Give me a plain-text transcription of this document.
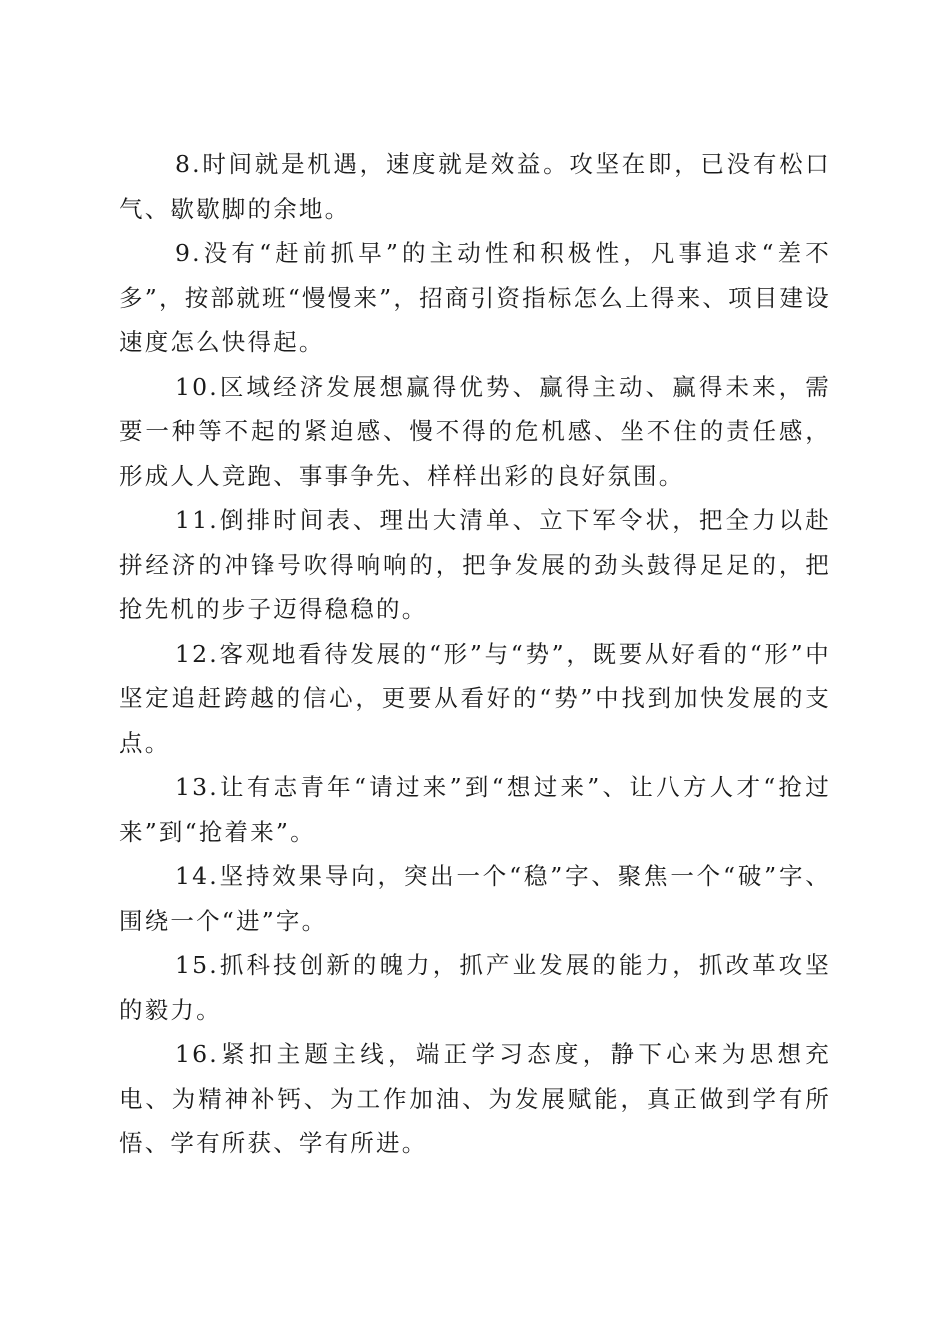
8.时间就是机遇，速度就是效益。攻坚在即，已没有松口气、歇歇脚的余地。

9.没有“赶前抓早”的主动性和积极性，凡事追求“差不多”，按部就班“慢慢来”，招商引资指标怎么上得来、项目建设速度怎么快得起。

10.区域经济发展想赢得优势、赢得主动、赢得未来，需要一种等不起的紧迫感、慢不得的危机感、坐不住的责任感，形成人人竞跑、事事争先、样样出彩的良好氛围。

11.倒排时间表、理出大清单、立下军令状，把全力以赴拼经济的冲锋号吹得响响的，把争发展的劲头鼓得足足的，把抢先机的步子迈得稳稳的。

12.客观地看待发展的“形”与“势”，既要从好看的“形”中坚定追赶跨越的信心，更要从看好的“势”中找到加快发展的支点。

13.让有志青年“请过来”到“想过来”、让八方人才“抢过来”到“抢着来”。

14.坚持效果导向，突出一个“稳”字、聚焦一个“破”字、围绕一个“进”字。

15.抓科技创新的魄力，抓产业发展的能力，抓改革攻坚的毅力。

16.紧扣主题主线，端正学习态度，静下心来为思想充电、为精神补钙、为工作加油、为发展赋能，真正做到学有所悟、学有所获、学有所进。
